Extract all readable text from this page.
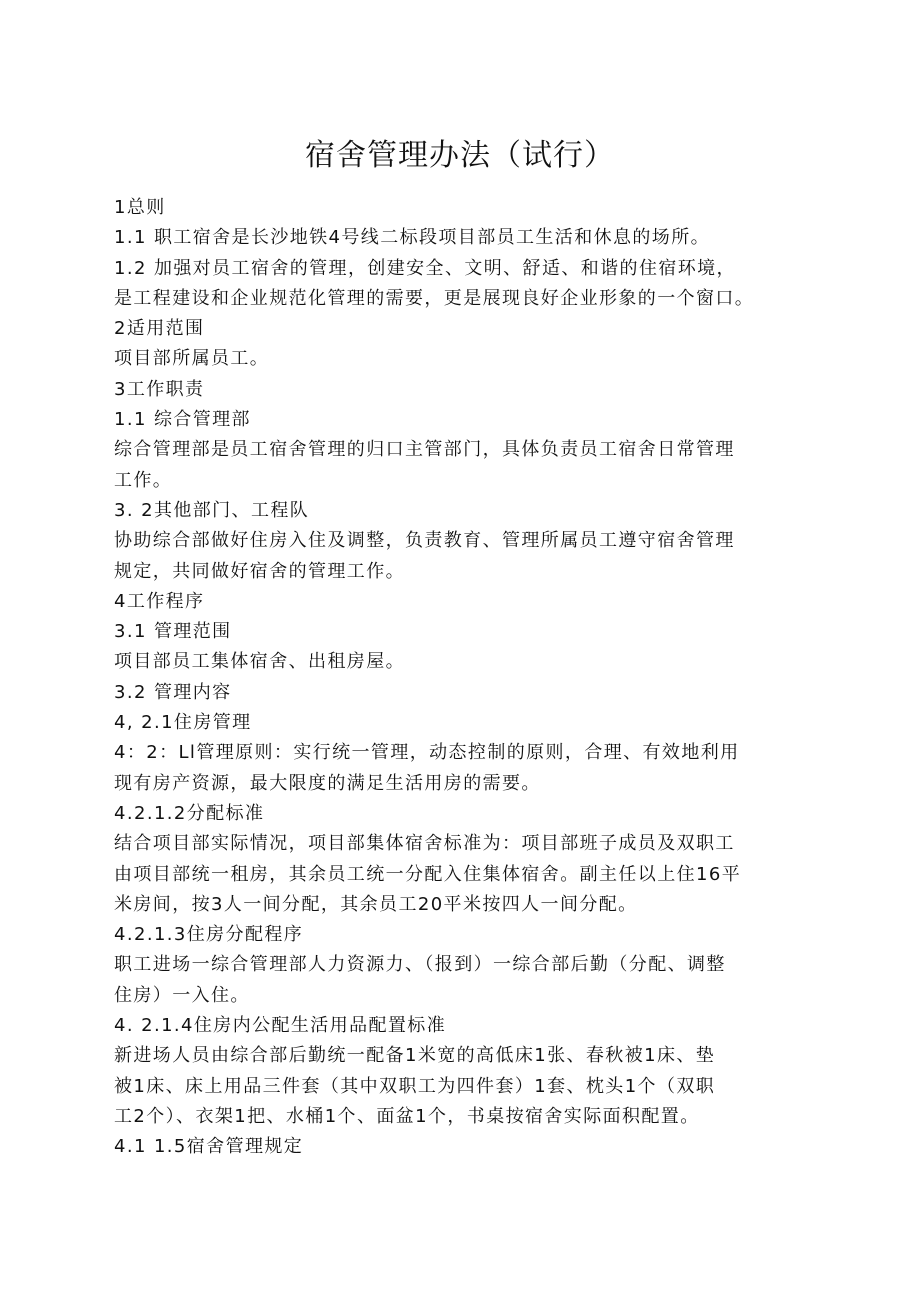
宿舍管理办法（试行）
1总则
1.1 职工宿舍是长沙地铁4号线二标段项目部员工生活和休息的场所。
1.2 加强对员工宿舍的管理，创建安全、文明、舒适、和谐的住宿环境，
是工程建设和企业规范化管理的需要，更是展现良好企业形象的一个窗口。
2适用范围
项目部所属员工。
3工作职责
1.1 综合管理部
综合管理部是员工宿舍管理的归口主管部门，具体负责员工宿舍日常管理
工作。
3. 2其他部门、工程队
协助综合部做好住房入住及调整，负责教育、管理所属员工遵守宿舍管理
规定，共同做好宿舍的管理工作。
4工作程序
3.1 管理范围
项目部员工集体宿舍、出租房屋。
3.2 管理内容
4, 2.1住房管理
4：2：Ll管理原则：实行统一管理，动态控制的原则，合理、有效地利用
现有房产资源，最大限度的满足生活用房的需要。
4.2.1.2分配标准
结合项目部实际情况，项目部集体宿舍标准为：项目部班子成员及双职工
由项目部统一租房，其余员工统一分配入住集体宿舍。副主任以上住16平
米房间，按3人一间分配，其余员工20平米按四人一间分配。
4.2.1.3住房分配程序
职工进场一综合管理部人力资源力、（报到）一综合部后勤（分配、调整
住房）一入住。
4. 2.1.4住房内公配生活用品配置标准
新进场人员由综合部后勤统一配备1米宽的高低床1张、春秋被1床、垫
被1床、床上用品三件套（其中双职工为四件套）1套、枕头1个（双职
工2个）、衣架1把、水桶1个、面盆1个，书桌按宿舍实际面积配置。
4.1 1.5宿舍管理规定
